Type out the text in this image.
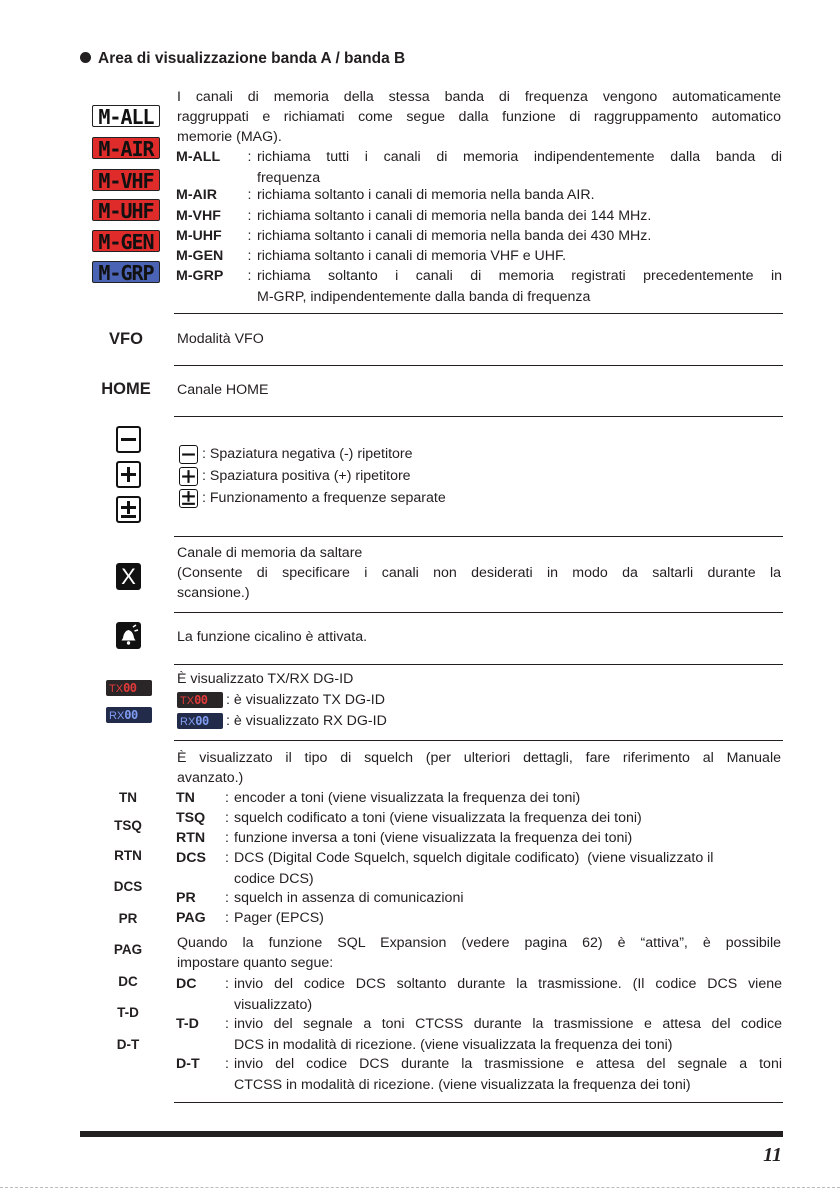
Area di visualizzazione banda A / banda B
M-ALL
M-AIR
M-VHF
M-UHF
M-GEN
M-GRP
I canali di memoria della stessa banda di frequenza vengono automaticamente
raggruppati e richiamati come segue dalla funzione di raggruppamento automatico
memorie (MAG).
M-ALL	: richiama tutti i canali di memoria indipendentemente dalla banda di
frequenza
M-AIR	: richiama soltanto i canali di memoria nella banda AIR.
M-VHF	: richiama soltanto i canali di memoria nella banda dei 144 MHz.
M-UHF	: richiama soltanto i canali di memoria nella banda dei 430 MHz.
M-GEN	: richiama soltanto i canali di memoria VHF e UHF.
M-GRP	: richiama soltanto i canali di memoria registrati precedentemente in
M-GRP, indipendentemente dalla banda di frequenza
VFO	Modalità VFO
HOME	Canale HOME
: Spaziatura negativa (-) ripetitore
: Spaziatura positiva (+) ripetitore
: Funzionamento a frequenze separate
X
Canale di memoria da saltare
(Consente di specificare i canali non desiderati in modo da saltarli durante la
scansione.)
La funzione cicalino è attivata.
TX00
RX00
È visualizzato TX/RX DG-ID
TX00	: è visualizzato TX DG-ID
RX00	: è visualizzato RX DG-ID
TN
TSQ
RTN
DCS
PR
PAG
DC
T-D
D-T
È visualizzato il tipo di squelch (per ulteriori dettagli, fare riferimento al Manuale
avanzato.)
TN	: encoder a toni (viene visualizzata la frequenza dei toni)
TSQ	: squelch codificato a toni (viene visualizzata la frequenza dei toni)
RTN	: funzione inversa a toni (viene visualizzata la frequenza dei toni)
DCS	: DCS (Digital Code Squelch, squelch digitale codificato)  (viene visualizzato il
codice DCS)
PR	: squelch in assenza di comunicazioni
PAG	: Pager (EPCS)
Quando la funzione SQL Expansion (vedere pagina 62) è “attiva”, è possibile
impostare quanto segue:
DC	: invio del codice DCS soltanto durante la trasmissione. (Il codice DCS viene
visualizzato)
T-D	: invio del segnale a toni CTCSS durante la trasmissione e attesa del codice
DCS in modalità di ricezione. (viene visualizzata la frequenza dei toni)
D-T	: invio del codice DCS durante la trasmissione e attesa del segnale a toni
CTCSS in modalità di ricezione. (viene visualizzata la frequenza dei toni)
11
